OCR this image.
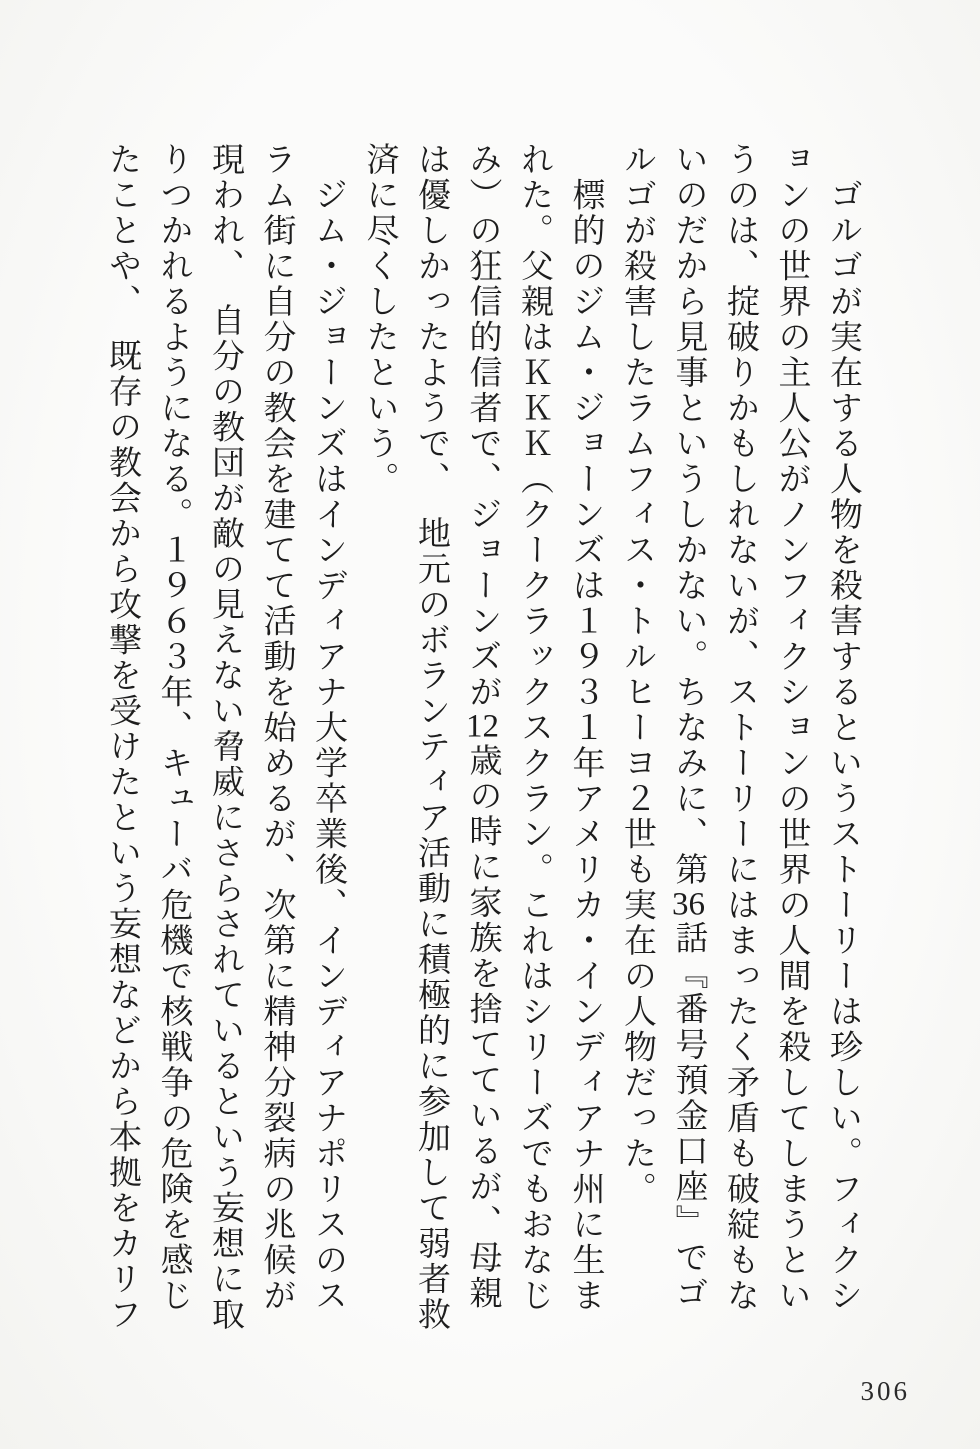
　ゴルゴが実在する人物を殺害するというストーリーは珍しい。フィクシ
ョンの世界の主人公がノンフィクションの世界の人間を殺してしまうとい
うのは、掟破りかもしれないが、ストーリーにはまったく矛盾も破綻もな
いのだから見事というしかない。ちなみに、第36話『番号預金口座』でゴ
ルゴが殺害したラムフィス・トルヒーヨ２世も実在の人物だった。
　標的のジム・ジョーンズは１９３１年アメリカ・インディアナ州に生ま
れた。父親はＫＫＫ（クークラックスクラン。これはシリーズでもおなじ
み）の狂信的信者で、ジョーンズが12歳の時に家族を捨てているが、母親
は優しかったようで、　地元のボランティア活動に積極的に参加して弱者救
済に尽くしたという。
　ジム・ジョーンズはインディアナ大学卒業後、インディアナポリスのス
ラム街に自分の教会を建てて活動を始めるが、次第に精神分裂病の兆候が
現われ、　自分の教団が敵の見えない脅威にさらされているという妄想に取
りつかれるようになる。１９６３年、キューバ危機で核戦争の危険を感じ
たことや、　既存の教会から攻撃を受けたという妄想などから本拠をカリフ
306
